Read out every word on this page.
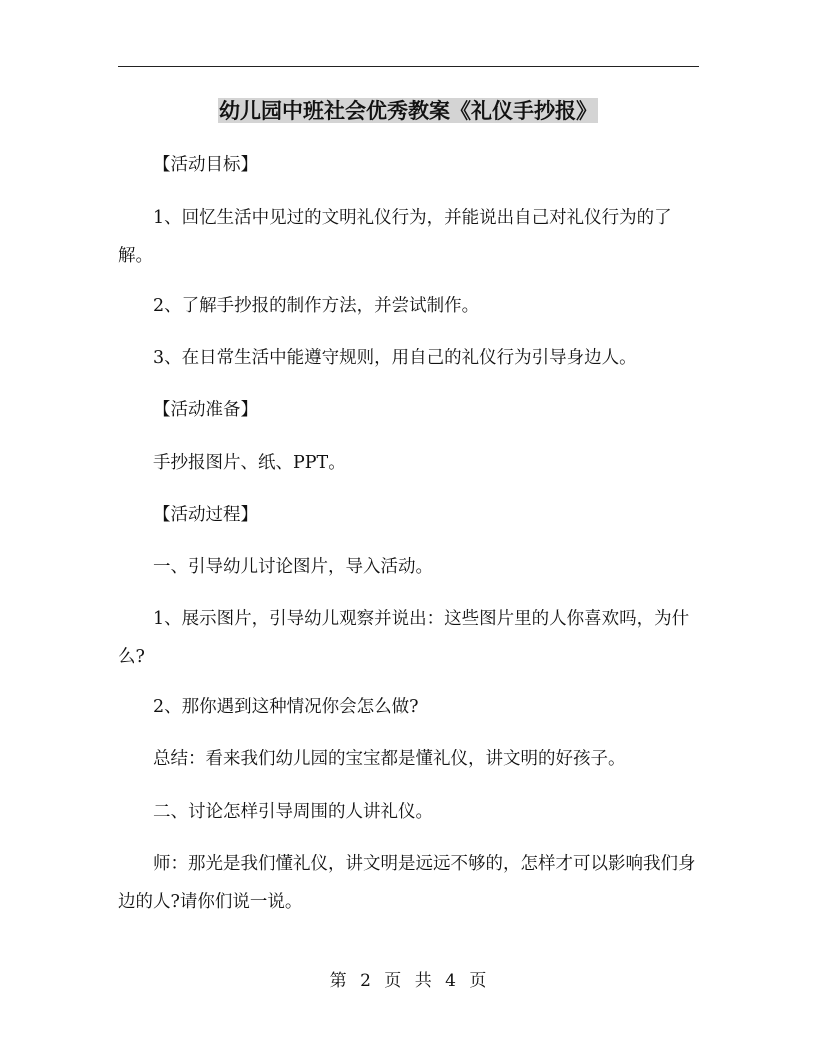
幼儿园中班社会优秀教案《礼仪手抄报》

【活动目标】

1、回忆生活中见过的文明礼仪行为，并能说出自己对礼仪行为的了解。

2、了解手抄报的制作方法，并尝试制作。

3、在日常生活中能遵守规则，用自己的礼仪行为引导身边人。

【活动准备】

手抄报图片、纸、PPT。

【活动过程】

一、引导幼儿讨论图片，导入活动。

1、展示图片，引导幼儿观察并说出：这些图片里的人你喜欢吗，为什么?

2、那你遇到这种情况你会怎么做?

总结：看来我们幼儿园的宝宝都是懂礼仪，讲文明的好孩子。

二、讨论怎样引导周围的人讲礼仪。

师：那光是我们懂礼仪，讲文明是远远不够的，怎样才可以影响我们身边的人?请你们说一说。

第 2 页 共 4 页
